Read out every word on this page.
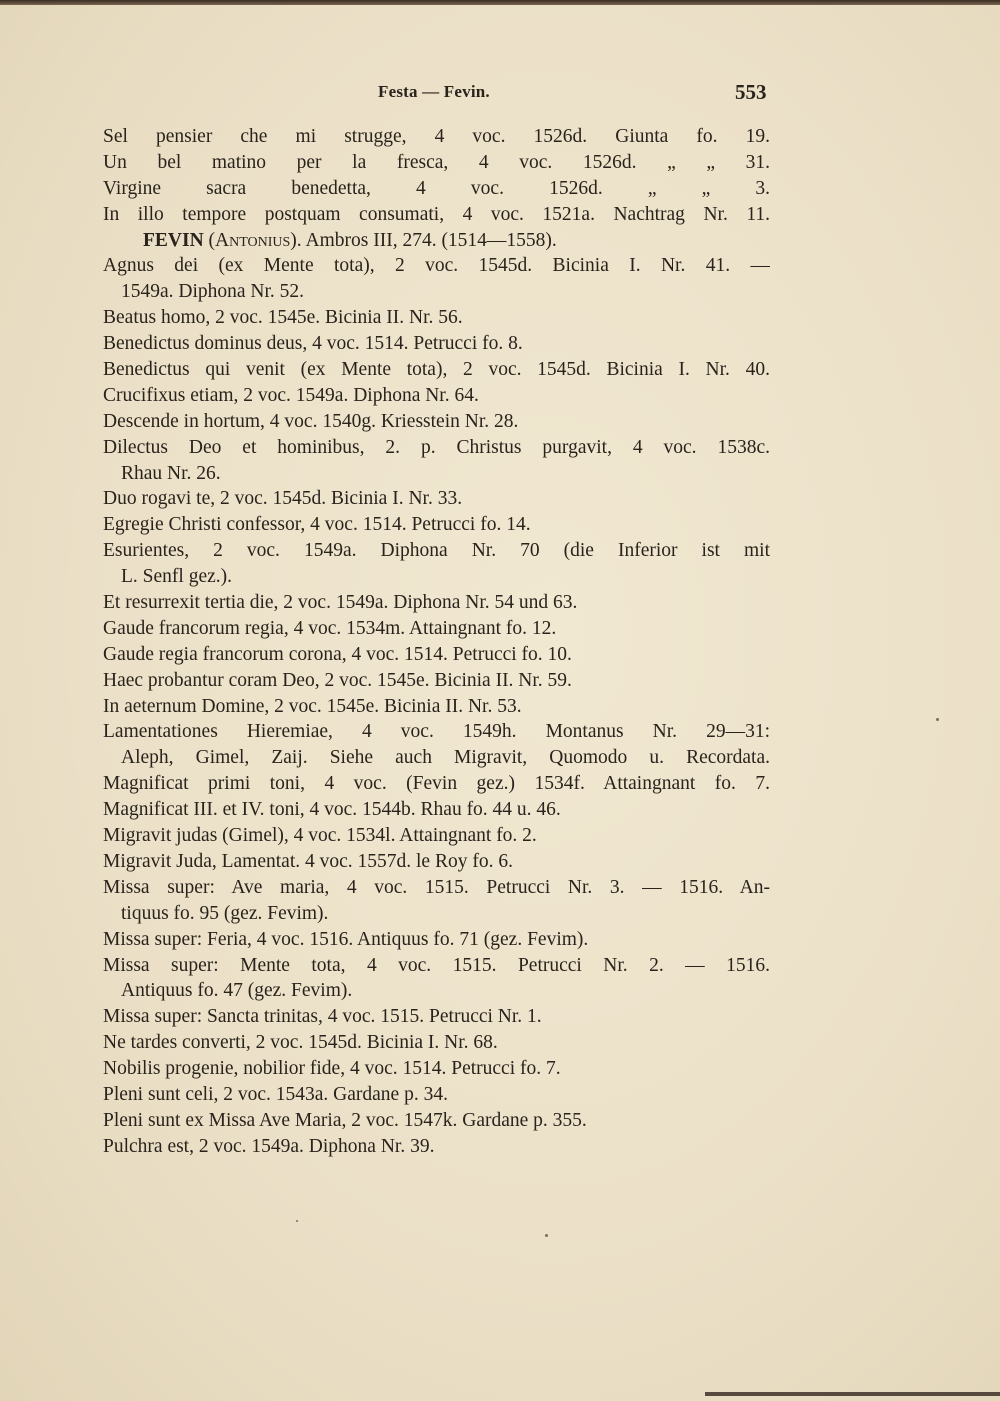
Festa — Fevin.	553
Sel pensier che mi strugge, 4 voc. 1526d. Giunta fo. 19.
Un bel matino per la fresca, 4 voc. 1526d. „ „ 31.
Virgine sacra benedetta, 4 voc. 1526d. „ „ 3.
In illo tempore postquam consumati, 4 voc. 1521a. Nachtrag Nr. 11.
FEVIN (Antonius). Ambros III, 274. (1514—1558).
Agnus dei (ex Mente tota), 2 voc. 1545d. Bicinia I. Nr. 41. —
1549a. Diphona Nr. 52.
Beatus homo, 2 voc. 1545e. Bicinia II. Nr. 56.
Benedictus dominus deus, 4 voc. 1514. Petrucci fo. 8.
Benedictus qui venit (ex Mente tota), 2 voc. 1545d. Bicinia I. Nr. 40.
Crucifixus etiam, 2 voc. 1549a. Diphona Nr. 64.
Descende in hortum, 4 voc. 1540g. Kriesstein Nr. 28.
Dilectus Deo et hominibus, 2. p. Christus purgavit, 4 voc. 1538c.
Rhau Nr. 26.
Duo rogavi te, 2 voc. 1545d. Bicinia I. Nr. 33.
Egregie Christi confessor, 4 voc. 1514. Petrucci fo. 14.
Esurientes, 2 voc. 1549a. Diphona Nr. 70 (die Inferior ist mit
L. Senfl gez.).
Et resurrexit tertia die, 2 voc. 1549a. Diphona Nr. 54 und 63.
Gaude francorum regia, 4 voc. 1534m. Attaingnant fo. 12.
Gaude regia francorum corona, 4 voc. 1514. Petrucci fo. 10.
Haec probantur coram Deo, 2 voc. 1545e. Bicinia II. Nr. 59.
In aeternum Domine, 2 voc. 1545e. Bicinia II. Nr. 53.
Lamentationes Hieremiae, 4 voc. 1549h. Montanus Nr. 29—31:
Aleph, Gimel, Zaij. Siehe auch Migravit, Quomodo u. Recordata.
Magnificat primi toni, 4 voc. (Fevin gez.) 1534f. Attaingnant fo. 7.
Magnificat III. et IV. toni, 4 voc. 1544b. Rhau fo. 44 u. 46.
Migravit judas (Gimel), 4 voc. 1534l. Attaingnant fo. 2.
Migravit Juda, Lamentat. 4 voc. 1557d. le Roy fo. 6.
Missa super: Ave maria, 4 voc. 1515. Petrucci Nr. 3. — 1516. An-
tiquus fo. 95 (gez. Fevim).
Missa super: Feria, 4 voc. 1516. Antiquus fo. 71 (gez. Fevim).
Missa super: Mente tota, 4 voc. 1515. Petrucci Nr. 2. — 1516.
Antiquus fo. 47 (gez. Fevim).
Missa super: Sancta trinitas, 4 voc. 1515. Petrucci Nr. 1.
Ne tardes converti, 2 voc. 1545d. Bicinia I. Nr. 68.
Nobilis progenie, nobilior fide, 4 voc. 1514. Petrucci fo. 7.
Pleni sunt celi, 2 voc. 1543a. Gardane p. 34.
Pleni sunt ex Missa Ave Maria, 2 voc. 1547k. Gardane p. 355.
Pulchra est, 2 voc. 1549a. Diphona Nr. 39.
